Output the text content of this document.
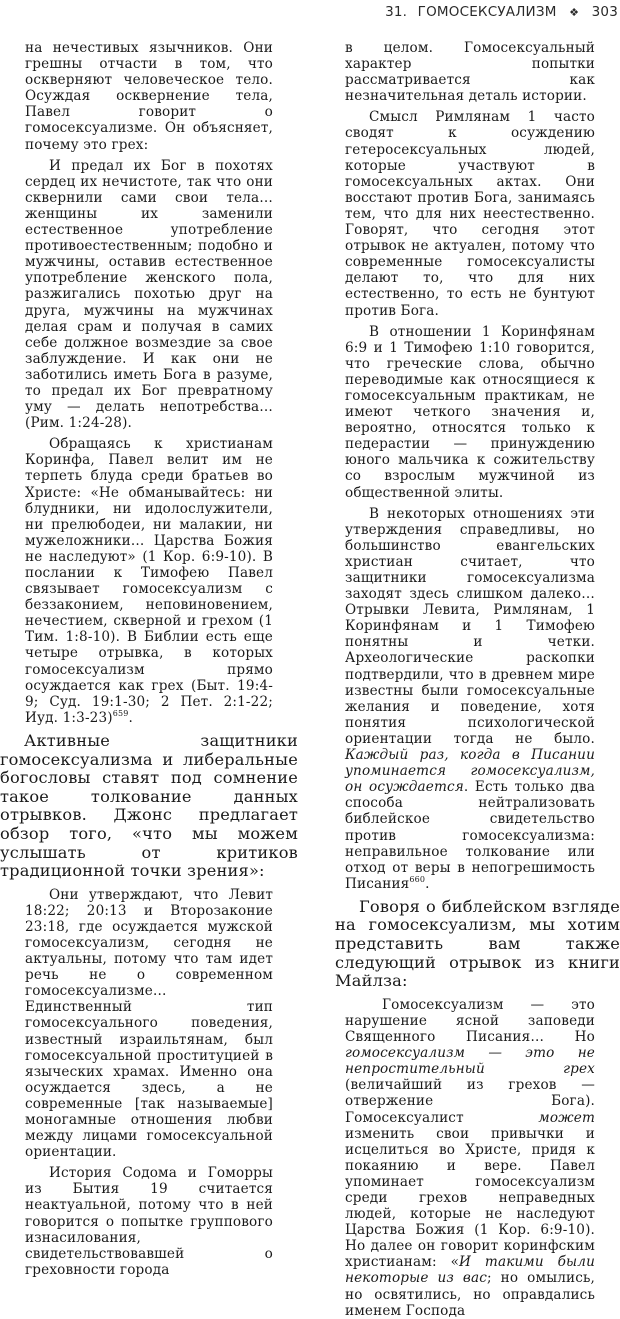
31. ГОМОСЕКСУАЛИЗМ ❖ 303

на нечестивых язычников. Они грешны отчасти в том, что оскверняют человеческое тело. Осуждая осквернение тела, Павел говорит о гомосексуализме. Он объясняет, почему это грех:

И предал их Бог в похотях сердец их нечистоте, так что они сквернили сами свои тела… женщины их заменили естественное употребление противоестественным; подобно и мужчины, оставив естественное употребление женского пола, разжигались похотью друг на друга, мужчины на мужчинах делая срам и получая в самих себе должное возмездие за свое заблуждение. И как они не заботились иметь Бога в разуме, то предал их Бог превратному уму — делать непотребства… (Рим. 1:24-28).

Обращаясь к христианам Коринфа, Павел велит им не терпеть блуда среди братьев во Христе: «Не обманывайтесь: ни блудники, ни идолослужители, ни прелюбодеи, ни малакии, ни мужеложники… Царства Божия не наследуют» (1 Кор. 6:9-10). В послании к Тимофею Павел связывает гомосексуализм с беззаконием, неповиновением, нечестием, скверной и грехом (1 Тим. 1:8-10). В Библии есть еще четыре отрывка, в которых гомосексуализм прямо осуждается как грех (Быт. 19:4-9; Суд. 19:1-30; 2 Пет. 2:1-22; Иуд. 1:3-23)$^{659}$.

Активные защитники гомосексуализма и либеральные богословы ставят под сомнение такое толкование данных отрывков. Джонс предлагает обзор того, «что мы можем услышать от критиков традиционной точки зрения»:

Они утверждают, что Левит 18:22; 20:13 и Второзаконие 23:18, где осуждается мужской гомосексуализм, сегодня не актуальны, потому что там идет речь не о современном гомосексуализме… Единственный тип гомосексуального поведения, известный израильтянам, был гомосексуальной проституцией в языческих храмах. Именно она осуждается здесь, а не современные [так называемые] моногамные отношения любви между лицами гомосексуальной ориентации.

История Содома и Гоморры из Бытия 19 считается неактуальной, потому что в ней говорится о попытке группового изнасилования, свидетельствовавшей о греховности города

в целом. Гомосексуальный характер попытки рассматривается как незначительная деталь истории.

Смысл Римлянам 1 часто сводят к осуждению гетеросексуальных людей, которые участвуют в гомосексуальных актах. Они восстают против Бога, занимаясь тем, что для них неестественно. Говорят, что сегодня этот отрывок не актуален, потому что современные гомосексуалисты делают то, что для них естественно, то есть не бунтуют против Бога.

В отношении 1 Коринфянам 6:9 и 1 Тимофею 1:10 говорится, что греческие слова, обычно переводимые как относящиеся к гомосексуальным практикам, не имеют четкого значения и, вероятно, относятся только к педерастии — принуждению юного мальчика к сожительству со взрослым мужчиной из общественной элиты.

В некоторых отношениях эти утверждения справедливы, но большинство евангельских христиан считает, что защитники гомосексуализма заходят здесь слишком далеко… Отрывки Левита, Римлянам, 1 Коринфянам и 1 Тимофею понятны и четки. Археологические раскопки подтвердили, что в древнем мире известны были гомосексуальные желания и поведение, хотя понятия психологической ориентации тогда не было. Каждый раз, когда в Писании упоминается гомосексуализм, он осуждается. Есть только два способа нейтрализовать библейское свидетельство против гомосексуализма: неправильное толкование или отход от веры в непогрешимость Писания$^{660}$.

Говоря о библейском взгляде на гомосексуализм, мы хотим представить вам также следующий отрывок из книги Майлза:

Гомосексуализм — это нарушение ясной заповеди Священного Писания… Но гомосексуализм — это не непростительный грех (величайший из грехов — отвержение Бога). Гомосексуалист может изменить свои привычки и исцелиться во Христе, придя к покаянию и вере. Павел упоминает гомосексуализм среди грехов неправедных людей, которые не наследуют Царства Божия (1 Кор. 6:9-10). Но далее он говорит коринфским христианам: «И такими были некоторые из вас; но омылись, но освятились, но оправдались именем Господа
